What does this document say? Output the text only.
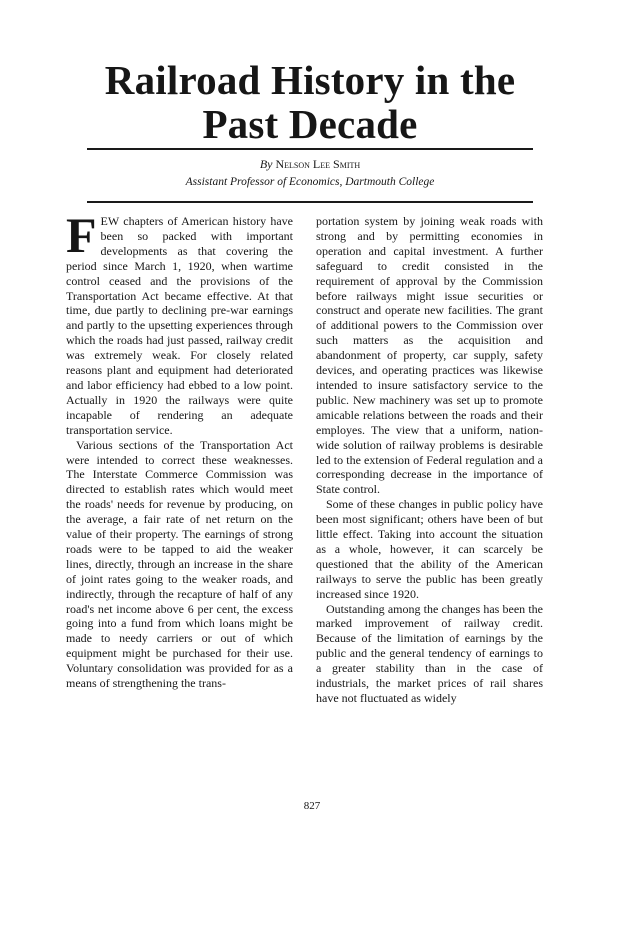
Railroad History in the
Past Decade

By Nelson Lee Smith

Assistant Professor of Economics, Dartmouth College

FEW chapters of American history have been so packed with important developments as that covering the period since March 1, 1920, when wartime control ceased and the provisions of the Transportation Act became effective. At that time, due partly to declining pre-war earnings and partly to the upsetting experiences through which the roads had just passed, railway credit was extremely weak. For closely related reasons plant and equipment had deteriorated and labor efficiency had ebbed to a low point. Actually in 1920 the railways were quite incapable of rendering an adequate transportation service.

Various sections of the Transportation Act were intended to correct these weaknesses. The Interstate Commerce Commission was directed to establish rates which would meet the roads' needs for revenue by producing, on the average, a fair rate of net return on the value of their property. The earnings of strong roads were to be tapped to aid the weaker lines, directly, through an increase in the share of joint rates going to the weaker roads, and indirectly, through the recapture of half of any road's net income above 6 per cent, the excess going into a fund from which loans might be made to needy carriers or out of which equipment might be purchased for their use. Voluntary consolidation was provided for as a means of strengthening the trans-

portation system by joining weak roads with strong and by permitting economies in operation and capital investment. A further safeguard to credit consisted in the requirement of approval by the Commission before railways might issue securities or construct and operate new facilities. The grant of additional powers to the Commission over such matters as the acquisition and abandonment of property, car supply, safety devices, and operating practices was likewise intended to insure satisfactory service to the public. New machinery was set up to promote amicable relations between the roads and their employes. The view that a uniform, nation-wide solution of railway problems is desirable led to the extension of Federal regulation and a corresponding decrease in the importance of State control.

Some of these changes in public policy have been most significant; others have been of but little effect. Taking into account the situation as a whole, however, it can scarcely be questioned that the ability of the American railways to serve the public has been greatly increased since 1920.

Outstanding among the changes has been the marked improvement of railway credit. Because of the limitation of earnings by the public and the general tendency of earnings to a greater stability than in the case of industrials, the market prices of rail shares have not fluctuated as widely

827
